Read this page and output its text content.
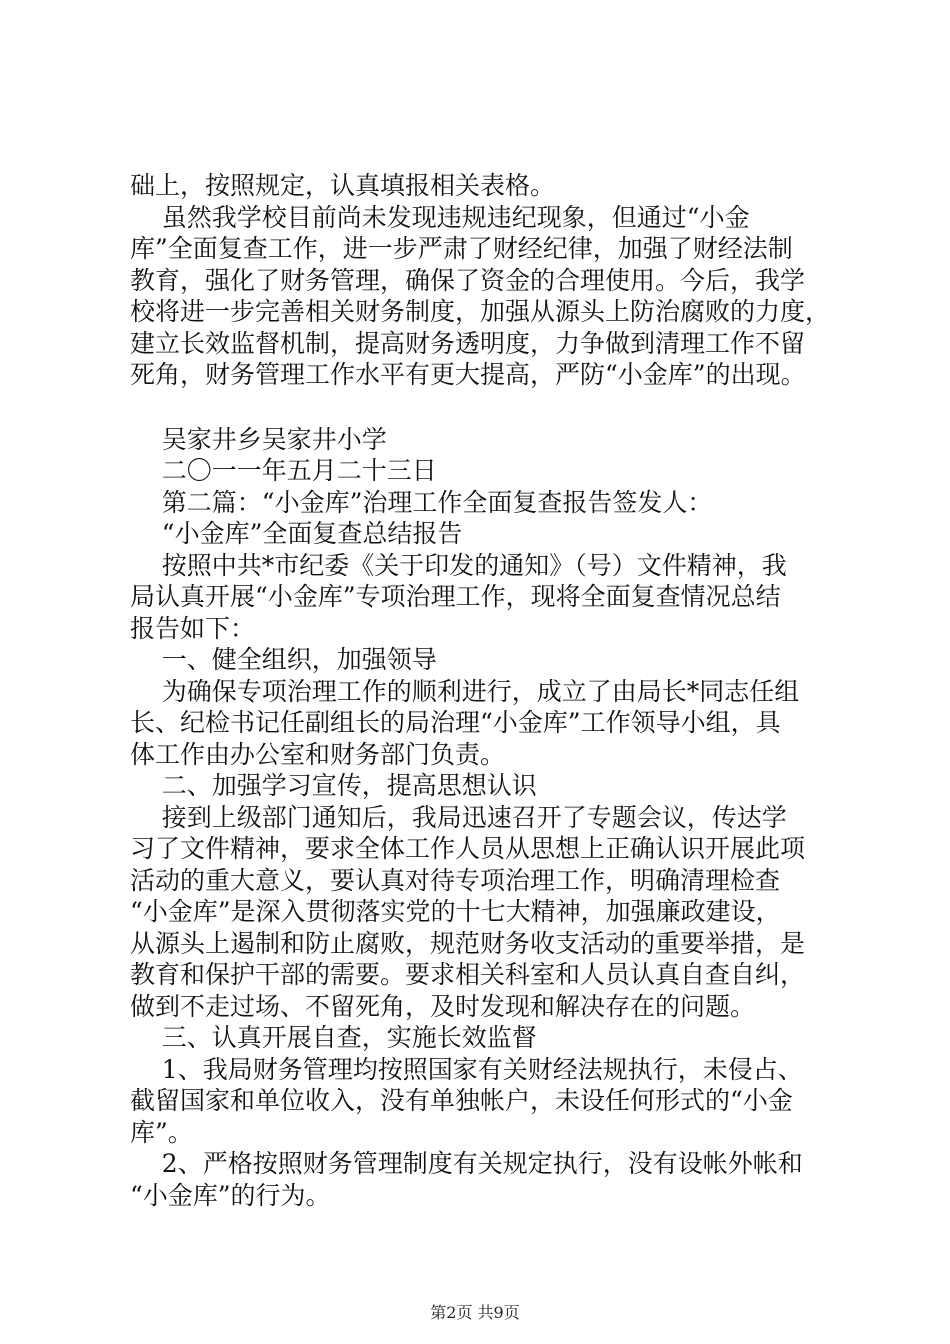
础上，按照规定，认真填报相关表格。
虽然我学校目前尚未发现违规违纪现象，但通过“小金
库”全面复查工作，进一步严肃了财经纪律，加强了财经法制
教育，强化了财务管理，确保了资金的合理使用。今后，我学
校将进一步完善相关财务制度，加强从源头上防治腐败的力度，
建立长效监督机制，提高财务透明度，力争做到清理工作不留
死角，财务管理工作水平有更大提高，严防“小金库”的出现。
吴家井乡吴家井小学
二〇一一年五月二十三日
第二篇：“小金库”治理工作全面复查报告签发人：
“小金库”全面复查总结报告
按照中共*市纪委《关于印发的通知》（号）文件精神，我
局认真开展“小金库”专项治理工作，现将全面复查情况总结
报告如下：
一、健全组织，加强领导
为确保专项治理工作的顺利进行，成立了由局长*同志任组
长、纪检书记任副组长的局治理“小金库”工作领导小组，具
体工作由办公室和财务部门负责。
二、加强学习宣传，提高思想认识
接到上级部门通知后，我局迅速召开了专题会议，传达学
习了文件精神，要求全体工作人员从思想上正确认识开展此项
活动的重大意义，要认真对待专项治理工作，明确清理检查
“小金库”是深入贯彻落实党的十七大精神，加强廉政建设，
从源头上遏制和防止腐败，规范财务收支活动的重要举措，是
教育和保护干部的需要。要求相关科室和人员认真自查自纠，
做到不走过场、不留死角，及时发现和解决存在的问题。
三、认真开展自查，实施长效监督
1、我局财务管理均按照国家有关财经法规执行，未侵占、
截留国家和单位收入，没有单独帐户，未设任何形式的“小金
库”。
2、严格按照财务管理制度有关规定执行，没有设帐外帐和
“小金库”的行为。
第2页 共9页
